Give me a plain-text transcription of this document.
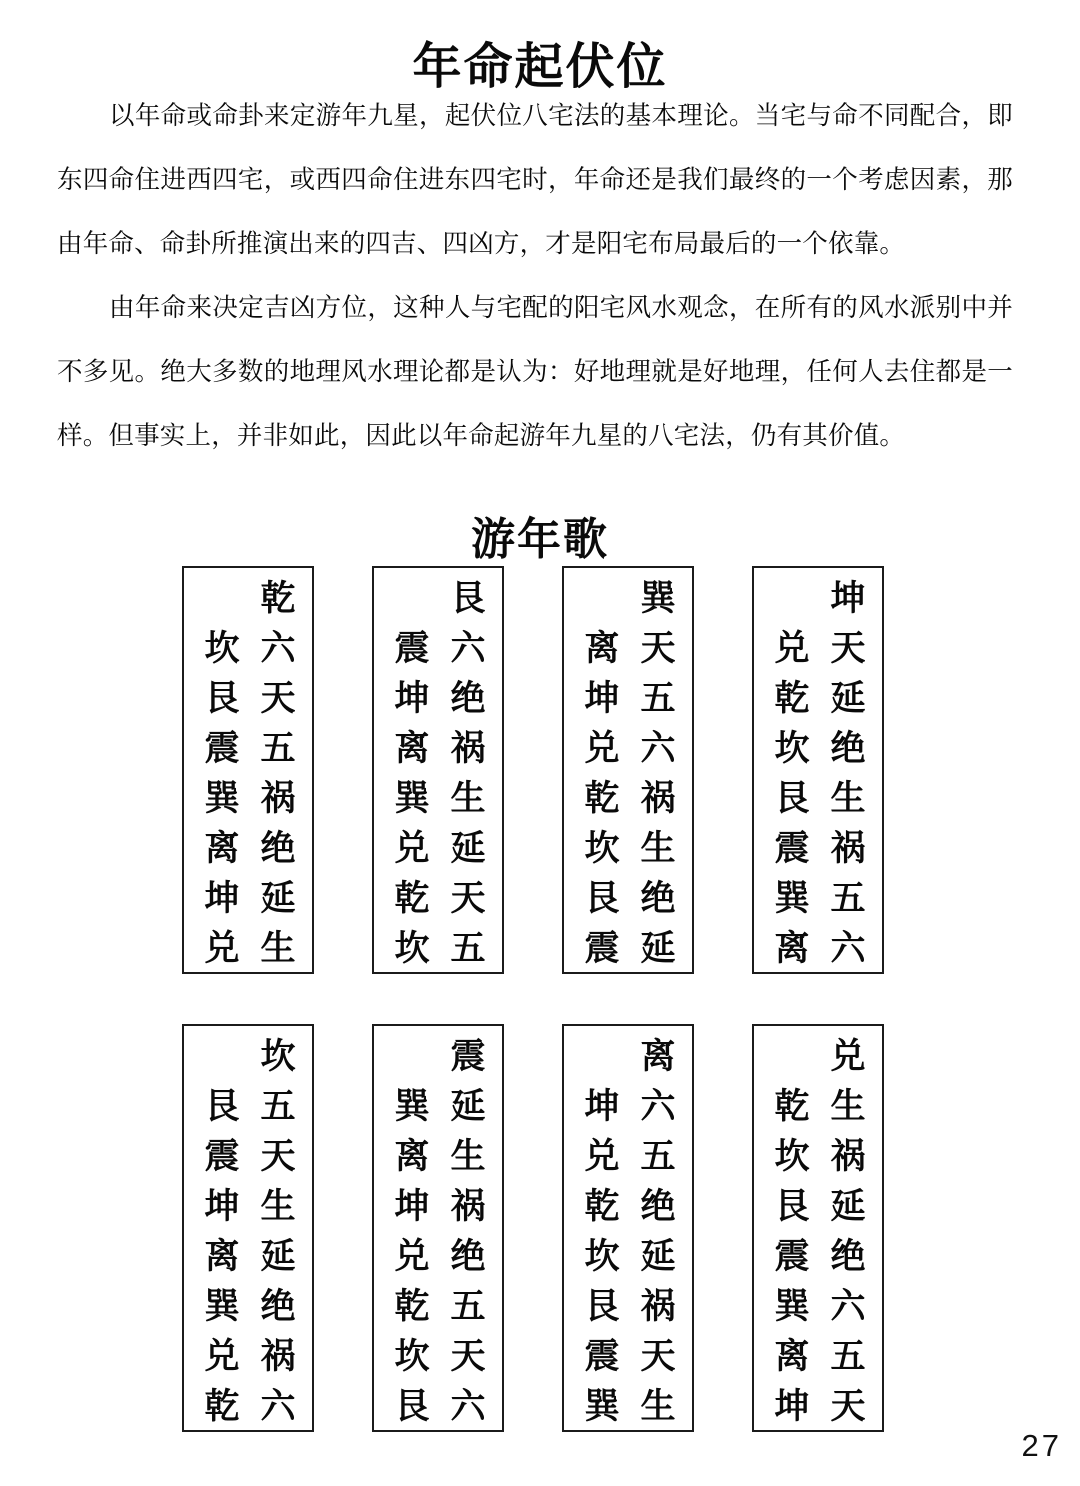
年命起伏位

以年命或命卦来定游年九星，起伏位八宅法的基本理论。当宅与命不同配合，即东四命住进西四宅，或西四命住进东四宅时，年命还是我们最终的一个考虑因素，那由年命、命卦所推演出来的四吉、四凶方，才是阳宅布局最后的一个依靠。

由年命来决定吉凶方位，这种人与宅配的阳宅风水观念，在所有的风水派别中并不多见。绝大多数的地理风水理论都是认为：好地理就是好地理，任何人去住都是一样。但事实上，并非如此，因此以年命起游年九星的八宅法，仍有其价值。

游年歌
坎
艮
震
巽
离
坤
兑
乾
六
天
五
祸
绝
延
生
震
坤
离
巽
兑
乾
坎
艮
六
绝
祸
生
延
天
五
离
坤
兑
乾
坎
艮
震
巽
天
五
六
祸
生
绝
延
兑
乾
坎
艮
震
巽
离
坤
天
延
绝
生
祸
五
六
艮
震
坤
离
巽
兑
乾
坎
五
天
生
延
绝
祸
六
巽
离
坤
兑
乾
坎
艮
震
延
生
祸
绝
五
天
六
坤
兑
乾
坎
艮
震
巽
离
六
五
绝
延
祸
天
生
乾
坎
艮
震
巽
离
坤
兑
生
祸
延
绝
六
五
天
27
